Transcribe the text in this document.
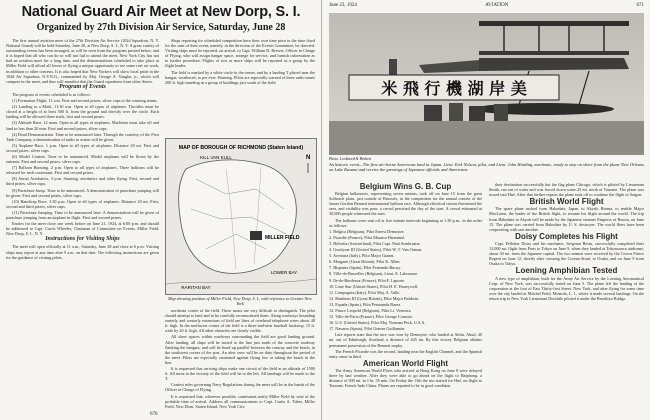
National Guard Air Meet at New Dorp, S. I.
Organized by 27th Division Air Service, Saturday, June 28

The first annual aviation meet of the 27th Division Air Service (102d Squadron, N. Y. National Guard) will be held Saturday, June 28, at New Dorp, S. I., N. Y. A great variety of outstanding events has been arranged, as will be seen from the program printed below, and it is hoped that all who can do so will not fail to attend the meet. New York City has not had an aviation meet for a long time, and the demonstrations scheduled to take place at Miller Field will afford all lovers of flying a unique opportunity to see some real air work, in addition to other contests. It is also hoped that New Yorkers will show local pride in the 102d Air Squadron, N.Y.N.G., commanded by Maj. George A. Vaughn, jr., which will compete in the meet, and thus will manifest that the Guard squadrons from other States.

Program of Events

The program of events scheduled is as follows:

(1) Formation Flight, 11 a.m. First and second prizes, silver cups to the winning teams.

(2) Landing to a Mark, 11:30 a.m. Open to all types of airplanes. Throttles must be closed at a height of at least 500 ft. from the ground and directly over the circle. Each landing will be allowed three trials, first and second prizes.

(3) Altitude Race, 12 noon. Open to all types of airplanes. Machines must take off and land in less than 20 min. First and second prizes, silver cups.

(4) Dead Demonstration. Time to be announced later. Through the courtesy of the First Tank Company, a demonstration of tanks in action will be given.

(5) Airplane Race, 1 p.m. Open to all types of airplanes. Distance 20 mi. First and second prizes, silver cups.

(6) Model Contest. Time to be announced. Model airplanes will be flown by the entrants. First and second prizes, silver cups.

(7) Balloon Bursting. 2 p.m. Open to all types of airplanes. Three balloons will be released for each contestant. First and second prizes.

(8) Aerial Acrobatics, 3 p.m. Stunting, aerobatics and other flying. First, second and third prizes, silver cups.

(9) Parachute Jump. Time to be announced. A demonstration of parachute jumping will be given. First and second prizes, silver cups.

(10) Handicap Race, 3:30 p.m. Open to all types of airplanes. Distance 20 mi. First, second and third prizes, silver cups.

(11) Parachute Jumping. Time to be announced later. A demonstration will be given of parachute jumping from an airplane in flight. First and second prizes.

Entries for the meet close one week before on June 21, 1924, at 6:00 p.m. and should be addressed to Capt. Curtis Wheeler, Chairman of Committee on Events, Miller Field, New Dorp, S. I., N. Y.

Instructions for Visiting Ships

The meet will open officially at 11 a.m., Saturday, June 28 and close at 6 p.m. Visiting ships may report at any time after 9 a.m. on that date. The following instructions are given for the guidance of visiting pilots.

Ships reporting for scheduled competition have their own time prior to the time fixed for the start of their event, namely, in the direction of the Events Committee, be directed. Visiting ships must be reported, on arrival, to Capt. William D. Brewer, Officer in Charge of Flying, who will assign hangar space, arrange for service, and furnish information as to further procedure. Flights of two or more ships will be reported as a group by the flight leader.

The field is marked by a white circle in the center, and by a landing T placed near the hangar, weathered, as per ever. Warning. Pilots are especially warned of three radio masts 200 ft. high standing in a group of buildings just south of the field.

MAP OF BOROUGH OF RICHMOND (Staten Island)
MILLER FIELD
LOWER BAY
RARITAN BAY
KILL VAN KULL	N
Map showing position of Miller Field, New Dorp, S. I., with reference to Greater New York

northeast corner of the field. These masts are very difficult to distinguish. The pilot should attempt to land and to be carefully reconnoitered them. Along roadways bounding easterly and westerly extensions of field are lines of overhead telephone wires about 40 ft. high. In the northwest corner of the field is a three-and-nine baseball backstop, 15 ft. wide by 20 ft. high. All other obstacles are clearly visible.

All show spaces within roadways surrounding the field are good landing ground. After landing, all ships will be taxied to the line just north of the concrete roadway flanking the hangars, and will be lined up parallel between the runway and the beach, in the southwest corner of the post. An alert crew will be on duty throughout the period of the meet. Pilots are especially cautioned against flying low or taking the beach in the line.

It is requested that arriving ships make one circuit of the field at an altitude of 1500 ft. All turns in the vicinity of the field will be to the left. All landings will be made to the T.

Contest rules governing Navy Regulations during the meet will be in the hands of the Officer in Charge of Flying.

It is requested that, wherever possible, contestants notify Miller Field by wire of the probable time of arrival. Address all communications to Capt. Curtis A. Tuber, Miller Field, New Dorp, Staten Island, New York City.

670
June 23, 1924	AVIATION	671
米 飛 行 機 湖 岸 美
Photo. Lockheed & Herbert
An historic event—The first air-borne Americans land in Japan. Lieut. Erik Nelson, pilot, and Lieut. John Harding, mechanic, ready to step on shore from the plane New Orleans on Lake Kasumi and receive the greetings of Japanese officials and Americans.
Belgium Wins G. B. Cup

Belgian balloonists, representing seven nations, took off on June 15 from the great Solbosch plain, just outside of Brussels, in the competition for the annual contest of the James Gordon Bennett international balloon race. Although electrical storms threatened the area, and visibility was poor, a crowd persisted the day of the start. A crowd estimated at 30,000 people witnessed the start.

The balloons were sent off at five minute intervals beginning at 1:30 p.m., in the order as follows:

1. Belgica (Belgium), Pilot Ernest Demuyter.

2. Picardie (France), Pilot Maurice Bienaimé.

3. Helvetia (Switzerland), Pilot Capt. Paul Armbruster.

4. Goodyear III (United States), Pilot W. T. Van Orman.

5. Aventura (Italy), Pilot Major Gianni.

6. Margaret (Great Britain), Pilot K. Allen.

7. Hispania (Spain), Pilot Fernando Bucuy.

8. Ville-de-Bruxelles (Belgium), Lieut. E. Labrousse.

9. Ile-de-Bordeaux (France), Pilot F. Laporte.

10. Lone Star (United States), Pilot H. E. Honeywell.

11. Compagnia (Italy), Pilot Maj. A. Valle.

12. Bambino III (Great Britain), Pilot Major Baldwin.

13. España (Spain), Pilot Penaranda Barea.

14. Prince Leopold (Belgium), Pilot Lt. Veenstra.

15. Ville-de-Paris (France), Pilot George Cormier.

16. U.S. (United States), Pilot Maj. Norman Peck, U.S.A.

17. Navarra (Spain), Pilot Gomez Guillamón.

Late reports state that the race was won by Demuyter, who landed at Ahlin, Ahud, 40 mi. out of Edinburgh, Scotland, a distance of 445 mi. By this victory Belgium obtains permanent possession of the Bennett trophy.

The French Picardie was the second, landing near the English Channel, and the Spanish entry came in third.

American World Flight

The Army American World Fliers who arrived at Hong Kong on June 8 were delayed there by bad weather. After they were able to go ahead on the flight to Haiphong, a distance of 500 mi. in 1 hr. 35 min. On Friday the 13th the trio started for Hué, on flight to Tourane, French Indo China. Planes are reported to be in good condition.

their destination successfully but the flag plane Chicago, which is piloted by Lieutenant Smith, ran out of water and was forced down some 25 mi. north of Tourane. The plane was towed into Hué. After that further repairs the plane took off to continue the flight to Saigon.

British World Flight

The spare plane rushed from Hakodate, Japan, to Akyab, Burma, to enable Major MacLaren, the leader of the British flight, to resume his flight around the world. The trip from Hakodate to Akyab will be made by the Japanese steamer Empress of Russia, on June 15. The plane was carried from Hakodate by U. S. destroyer. The world fliers have been cooperating with one another.

Doisy Completes his Flight

Capt. Pelletier Doisy and his mechanic, Sergeant Besin, successfully completed their 12,000 mi. flight from Paris to Tokyo on June 9, when they landed at Tokorozawa airdrome, about 30 mi. from the Japanese capital. The two airmen were received by the Crown Prince Regent on June 12, shortly after crossing the Corean Strait, to Osaka, and on June 9 from Osaka to Tokyo.

Loening Amphibian Tested

A new type of amphibian, built for the Army Air Service by the Loening Aeronautical Corp. of New York, was successfully tested on June 5. The plane left the landing of the corporation at the foot of East Thirty-first Street, New York, and after flying for some time over the city landed at Mitchel Field, Mineola, L. I., where it made several landings. On the return trip to New York Lieutenant Doolittle piloted it under the Brooklyn Bridge.
